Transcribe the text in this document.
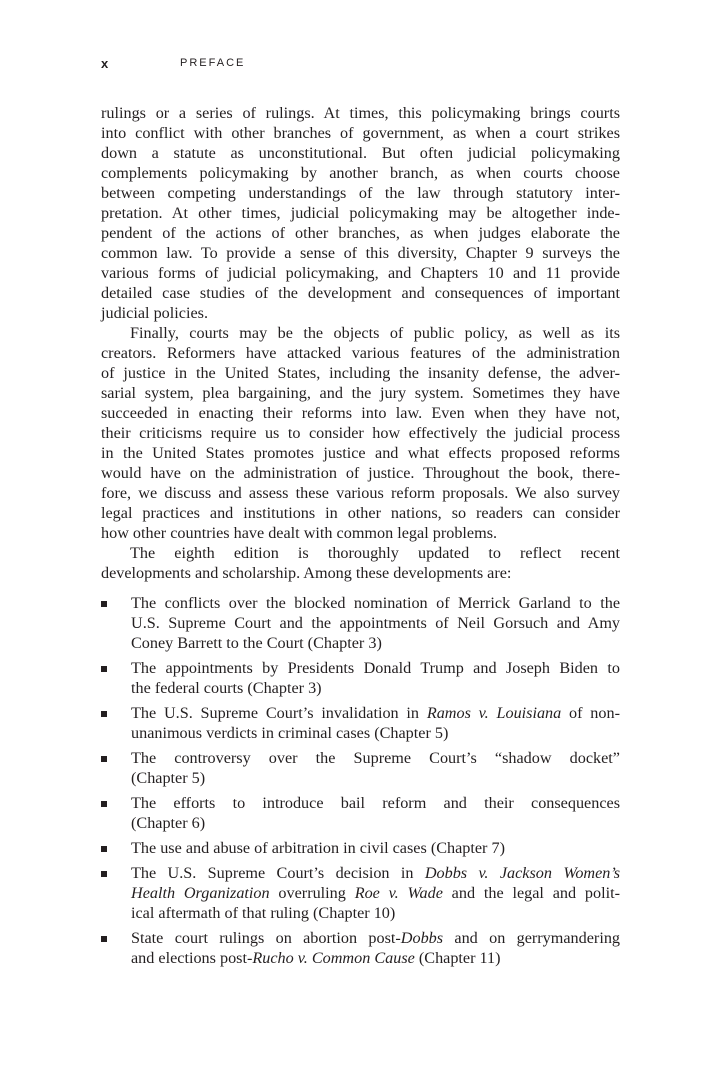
x	PREFACE
rulings or a series of rulings. At times, this policymaking brings courts
into conflict with other branches of government, as when a court strikes
down a statute as unconstitutional. But often judicial policymaking
complements policymaking by another branch, as when courts choose
between competing understandings of the law through statutory inter-
pretation. At other times, judicial policymaking may be altogether inde-
pendent of the actions of other branches, as when judges elaborate the
common law. To provide a sense of this diversity, Chapter 9 surveys the
various forms of judicial policymaking, and Chapters 10 and 11 provide
detailed case studies of the development and consequences of important
judicial policies.
Finally, courts may be the objects of public policy, as well as its
creators. Reformers have attacked various features of the administration
of justice in the United States, including the insanity defense, the adver-
sarial system, plea bargaining, and the jury system. Sometimes they have
succeeded in enacting their reforms into law. Even when they have not,
their criticisms require us to consider how effectively the judicial process
in the United States promotes justice and what effects proposed reforms
would have on the administration of justice. Throughout the book, there-
fore, we discuss and assess these various reform proposals. We also survey
legal practices and institutions in other nations, so readers can consider
how other countries have dealt with common legal problems.
The eighth edition is thoroughly updated to reflect recent
developments and scholarship. Among these developments are:
The conflicts over the blocked nomination of Merrick Garland to the
U.S. Supreme Court and the appointments of Neil Gorsuch and Amy
Coney Barrett to the Court (Chapter 3)
The appointments by Presidents Donald Trump and Joseph Biden to
the federal courts (Chapter 3)
The U.S. Supreme Court’s invalidation in Ramos v. Louisiana of non-
unanimous verdicts in criminal cases (Chapter 5)
The controversy over the Supreme Court’s “shadow docket”
(Chapter 5)
The efforts to introduce bail reform and their consequences
(Chapter 6)
The use and abuse of arbitration in civil cases (Chapter 7)
The U.S. Supreme Court’s decision in Dobbs v. Jackson Women’s
Health Organization overruling Roe v. Wade and the legal and polit-
ical aftermath of that ruling (Chapter 10)
State court rulings on abortion post-Dobbs and on gerrymandering
and elections post-Rucho v. Common Cause (Chapter 11)
